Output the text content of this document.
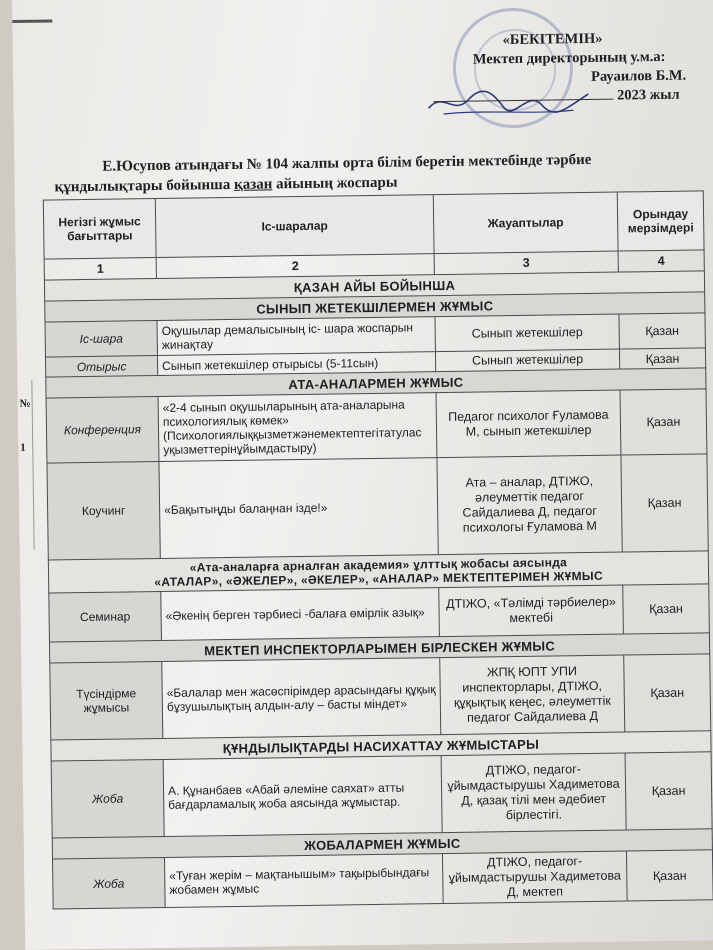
«БЕКІТЕМІН»
Мектеп директорының у.м.а:
Рауаилов Б.М.
2023 жыл
Е.Юсупов атындағы № 104 жалпы орта білім беретін мектебінде тәрбие
құндылықтары бойынша қазан айының жоспары
№
1
Негізгі жұмыс бағыттары	Іс-шаралар	Жауаптылар	Орындау мерзімдері
1	2	3	4
ҚАЗАН АЙЫ БОЙЫНША			
СЫНЫП ЖЕТЕКШІЛЕРМЕН ЖҰМЫС			
Іс-шара	Оқушылар демалысының іс- шара жоспарын жинақтау	Сынып жетекшілер	Қазан
Отырыс	Сынып жетекшілер отырысы (5-11сын)	Сынып жетекшілер	Қазан
АТА-АНАЛАРМЕН ЖҰМЫС			
Конференция	«2-4 сынып оқушыларының ата-аналарына психологиялық көмек» (Психологиялыққызметжәнемектептегітатулас уқызметтерінұйымдастыру)	Педагог психолог Ғуламова М, сынып жетекшілер	Қазан
Коучинг	«Бақытыңды балаңнан ізде!»	Ата – аналар, ДТІЖО, әлеуметтік педагог Сайдалиева Д, педагог психологы Ғуламова М	Қазан

«Ата-аналарға арналған академия» ұлттық жобасы аясында
«АТАЛАР», «ӘЖЕЛЕР», «ӘКЕЛЕР», «АНАЛАР» МЕКТЕПТЕРІМЕН ЖҰМЫС			

Семинар	«Әкенің берген тәрбиесі -балаға өмірлік азық»	ДТІЖО, «Тәлімді тәрбиелер» мектебі	Қазан
МЕКТЕП ИНСПЕКТОРЛАРЫМЕН БІРЛЕСКЕН ЖҰМЫС			
Түсіндірме жұмысы	«Балалар мен жасөспірімдер арасындағы құқық бұзушылықтың алдын-алу – басты міндет»	ЖПҚ ЮПТ УПИ инспекторлары, ДТІЖО, құқықтық кеңес, әлеуметтік педагог Сайдалиева Д	Қазан
ҚҰНДЫЛЫҚТАРДЫ НАСИХАТТАУ ЖҰМЫСТАРЫ			
Жоба	А. Құнанбаев «Абай әлеміне саяхат» атты бағдарламалық жоба аясында жұмыстар.	ДТІЖО, педагог-ұйымдастырушы Хадиметова Д, қазақ тілі мен әдебиет бірлестігі.	Қазан
ЖОБАЛАРМЕН ЖҰМЫС			
Жоба	«Туған жерім – мақтанышым» тақырыбындағы жобамен жұмыс	ДТІЖО, педагог-ұйымдастырушы Хадиметова Д, мектеп	Қазан
